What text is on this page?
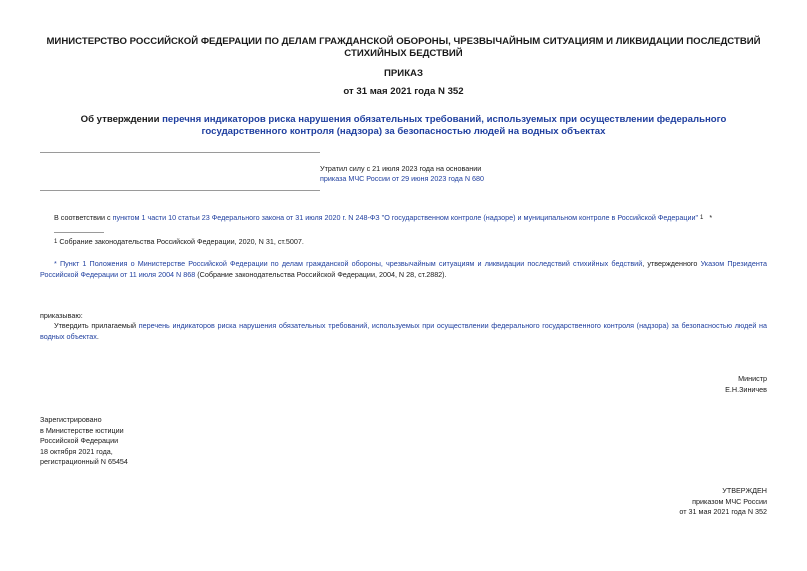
МИНИСТЕРСТВО РОССИЙСКОЙ ФЕДЕРАЦИИ ПО ДЕЛАМ ГРАЖДАНСКОЙ ОБОРОНЫ, ЧРЕЗВЫЧАЙНЫМ СИТУАЦИЯМ И ЛИКВИДАЦИИ ПОСЛЕДСТВИЙ СТИХИЙНЫХ БЕДСТВИЙ
ПРИКАЗ
от 31 мая 2021 года N 352
Об утверждении перечня индикаторов риска нарушения обязательных требований, используемых при осуществлении федерального государственного контроля (надзора) за безопасностью людей на водных объектах
Утратил силу с 21 июля 2023 года на основании
приказа МЧС России от 29 июня 2023 года N 680
В соответствии с пунктом 1 части 10 статьи 23 Федерального закона от 31 июля 2020 г. N 248-ФЗ "О государственном контроле (надзоре) и муниципальном контроле в Российской Федерации" $^1$ *
$^1$ Собрание законодательства Российской Федерации, 2020, N 31, ст.5007.
* Пункт 1 Положения о Министерстве Российской Федерации по делам гражданской обороны, чрезвычайным ситуациям и ликвидации последствий стихийных бедствий, утвержденного Указом Президента Российской Федерации от 11 июля 2004 N 868 (Собрание законодательства Российской Федерации, 2004, N 28, ст.2882).
приказываю:
Утвердить прилагаемый перечень индикаторов риска нарушения обязательных требований, используемых при осуществлении федерального государственного контроля (надзора) за безопасностью людей на водных объектах.
Министр
Е.Н.Зиничев
Зарегистрировано
в Министерстве юстиции
Российской Федерации
18 октября 2021 года,
регистрационный N 65454
УТВЕРЖДЕН
приказом МЧС России
от 31 мая 2021 года N 352
